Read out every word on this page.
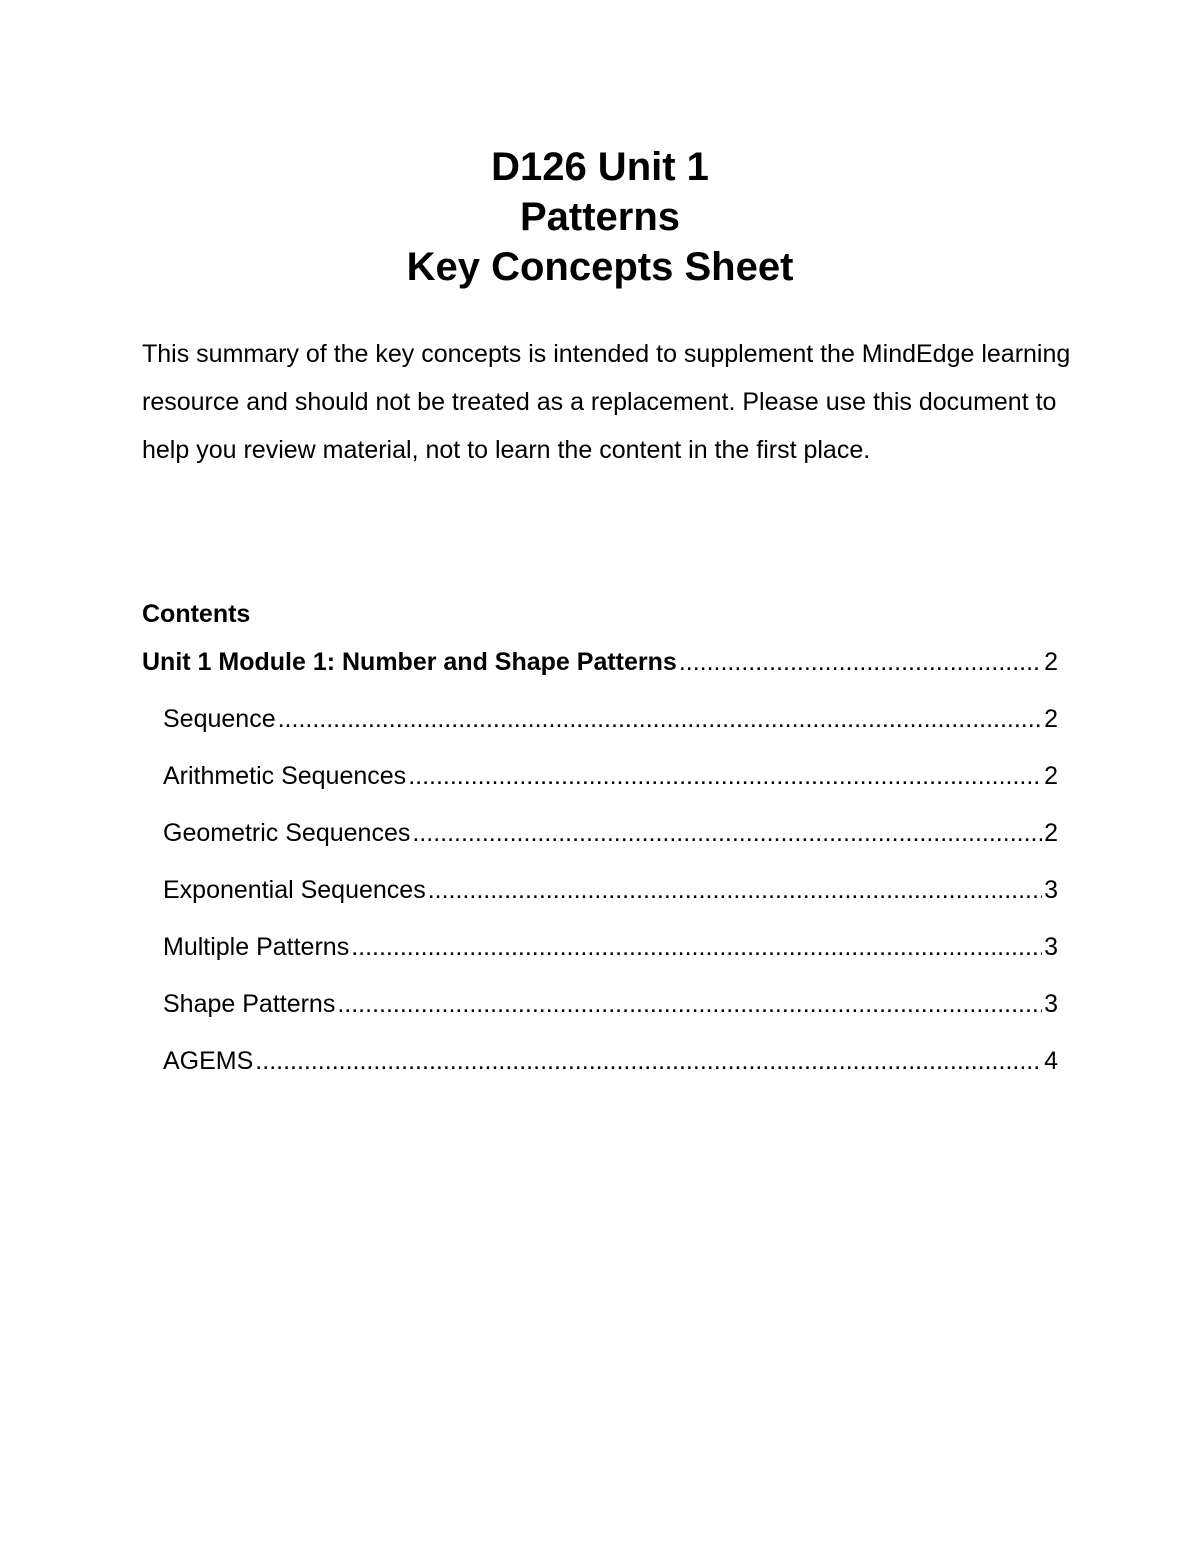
D126 Unit 1
Patterns
Key Concepts Sheet

This summary of the key concepts is intended to supplement the MindEdge learning resource and should not be treated as a replacement. Please use this document to help you review material, not to learn the content in the first place.

Contents
Unit 1 Module 1: Number and Shape Patterns .....	2
Sequence .....	2
Arithmetic Sequences .....	2
Geometric Sequences .....	2
Exponential Sequences .....	3
Multiple Patterns .....	3
Shape Patterns .....	3
AGEMS .....	4
